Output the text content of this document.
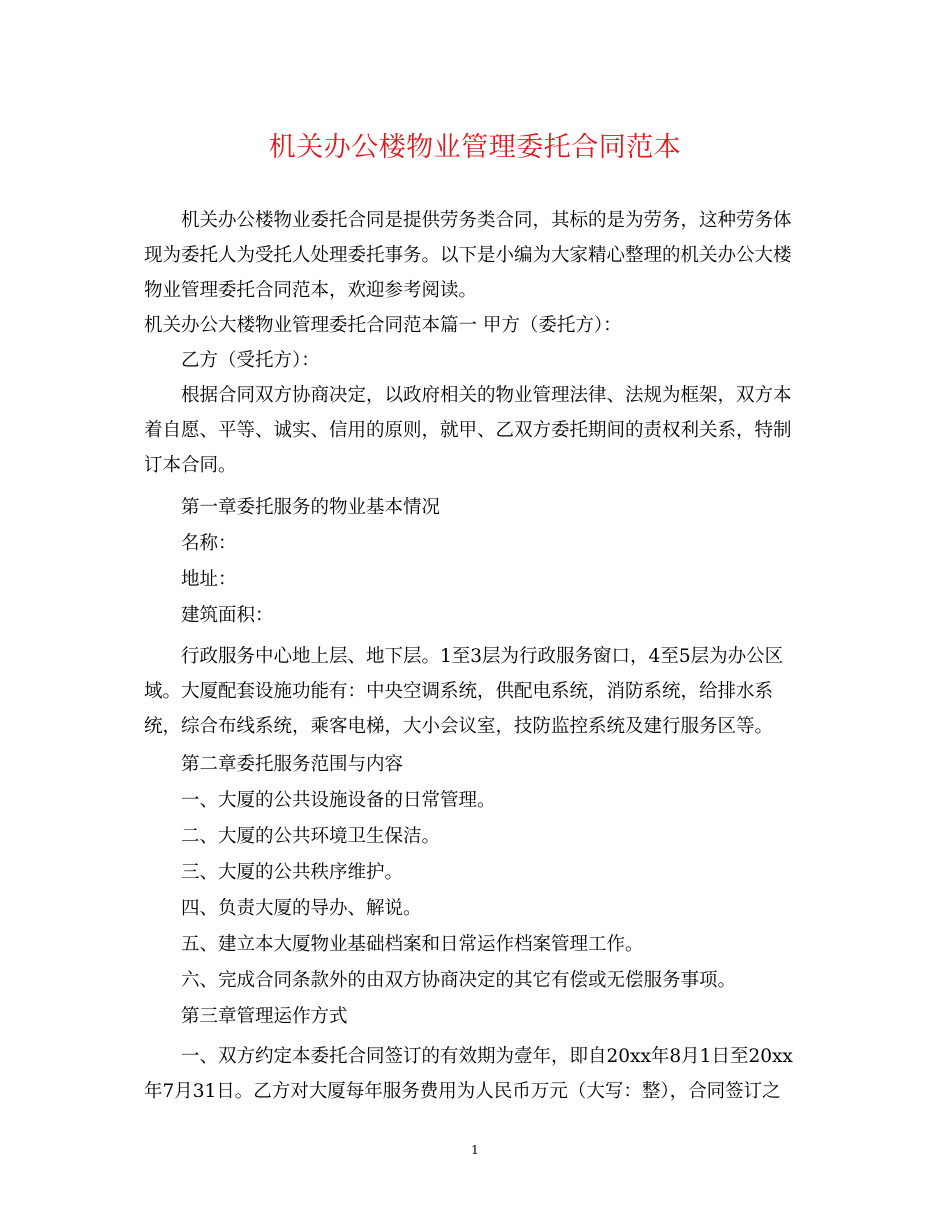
机关办公楼物业管理委托合同范本
机关办公楼物业委托合同是提供劳务类合同，其标的是为劳务，这种劳务体
现为委托人为受托人处理委托事务。以下是小编为大家精心整理的机关办公大楼
物业管理委托合同范本，欢迎参考阅读。
机关办公大楼物业管理委托合同范本篇一 甲方（委托方）：
乙方（受托方）：
根据合同双方协商决定，以政府相关的物业管理法律、法规为框架，双方本
着自愿、平等、诚实、信用的原则，就甲、乙双方委托期间的责权利关系，特制
订本合同。
第一章委托服务的物业基本情况
名称：
地址：
建筑面积：
行政服务中心地上层、地下层。1至3层为行政服务窗口，4至5层为办公区
域。大厦配套设施功能有：中央空调系统，供配电系统，消防系统，给排水系
统，综合布线系统，乘客电梯，大小会议室，技防监控系统及建行服务区等。
第二章委托服务范围与内容
一、大厦的公共设施设备的日常管理。
二、大厦的公共环境卫生保洁。
三、大厦的公共秩序维护。
四、负责大厦的导办、解说。
五、建立本大厦物业基础档案和日常运作档案管理工作。
六、完成合同条款外的由双方协商决定的其它有偿或无偿服务事项。
第三章管理运作方式
一、双方约定本委托合同签订的有效期为壹年，即自20xx年8月1日至20xx
年7月31日。乙方对大厦每年服务费用为人民币万元（大写：整），合同签订之
1
